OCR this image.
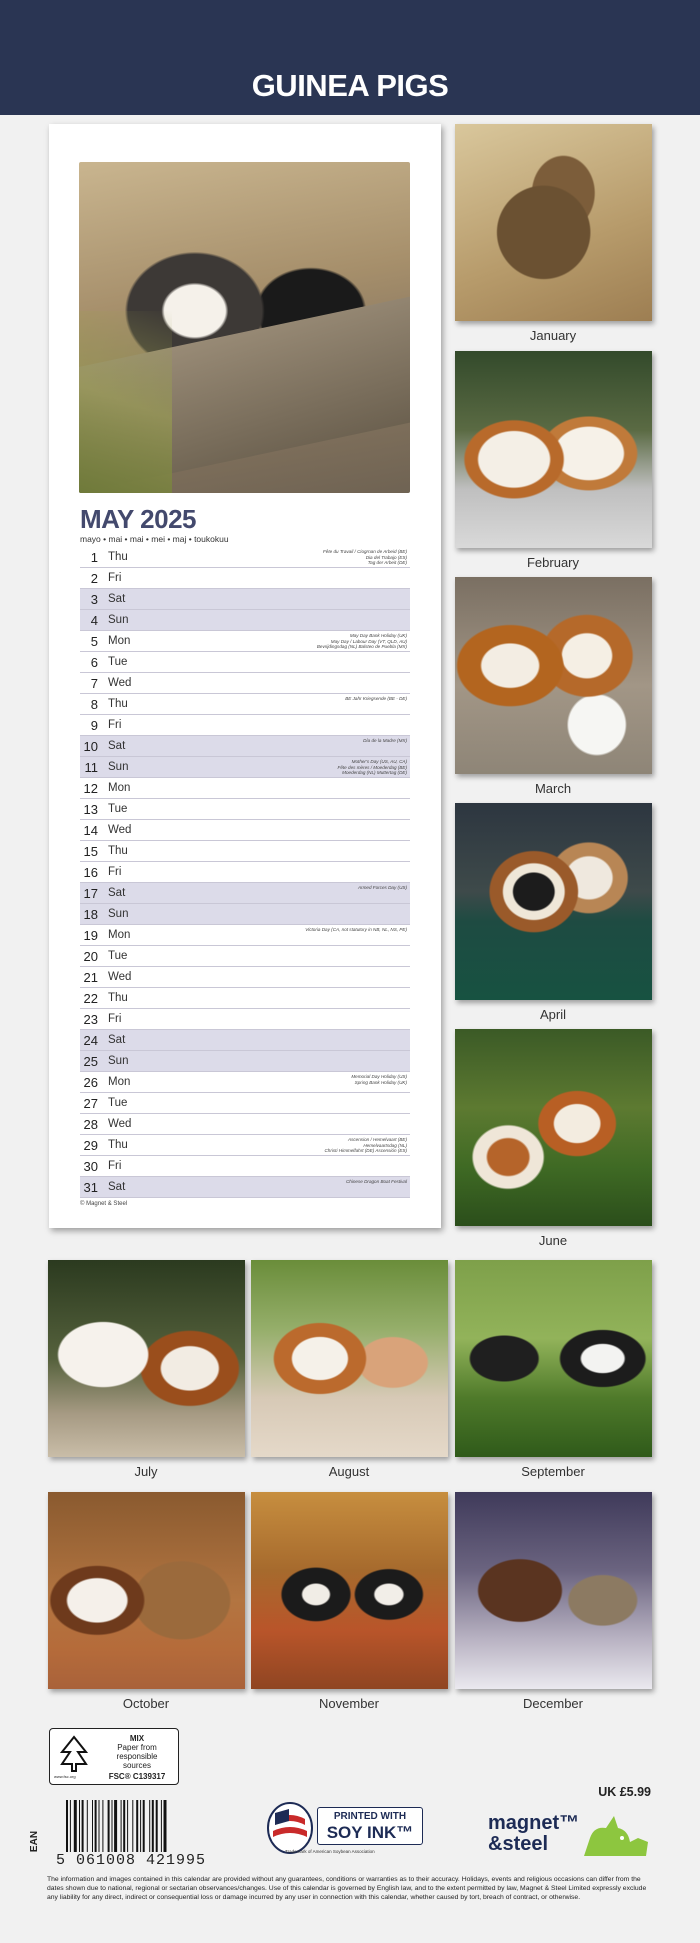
GUINEA PIGS
MAY 2025
mayo • mai • mai • mei • maj • toukokuu
1 Thu	Fête du Travail / Ciogrnan de Arbeid (BE)
Dia del Trabajo (ES)
Tag der Arbeit (DE)
2 Fri
3 Sat
4 Sun
5 Mon	May Day Bank Holiday (UK)
May Day / Labour Day (VT, QLD, AU)
Bevrijdingsdag (NL) Balsteo de Puebla (MX)
6 Tue
7 Wed
8 Thu	BE Jahr Kriegsende (BE - DE)
9 Fri
10 Sat	Día de la Madre (MX)
11 Sun	Mother's Day (US, AU, CA)
Fête des mères / Moederdag (BE)
Moederdag (NL) Muttertag (DE)
12 Mon
13 Tue
14 Wed
15 Thu
16 Fri
17 Sat	Armed Forces Day (US)
18 Sun
19 Mon	Victoria Day (CA, not statutory in NB, NL, NS, PE)
20 Tue
21 Wed
22 Thu
23 Fri
24 Sat
25 Sun
26 Mon	Memorial Day Holiday (US)
Spring Bank Holiday (UK)
27 Tue
28 Wed
29 Thu	Ascension / Hemelvaart (BE)
Hemelvaartsdag (NL)
Christi Himmelfahrt (DE) Ascensión (ES)
30 Fri
31 Sat	Chinese Dragon Boat Festival
© Magnet & Steel
January
February
March
April
June
July	August	September
October	November	December
MIX
Paper from
responsible sources
FSC® C139317
www.fsc.org
UK £5.99
EAN
5 061008 421995
PRINTED WITH
SOY INK™
Trademark of American Soybean Association
magnet™
&steel
The information and images contained in this calendar are provided without any guarantees, conditions or warranties as to their accuracy. Holidays, events and religious occasions can differ from the dates shown due to national, regional or sectarian observances/changes. Use of this calendar is governed by English law, and to the extent permitted by law, Magnet & Steel Limited expressly exclude any liability for any direct, indirect or consequential loss or damage incurred by any user in connection with this calendar, whether caused by tort, breach of contract, or otherwise.
